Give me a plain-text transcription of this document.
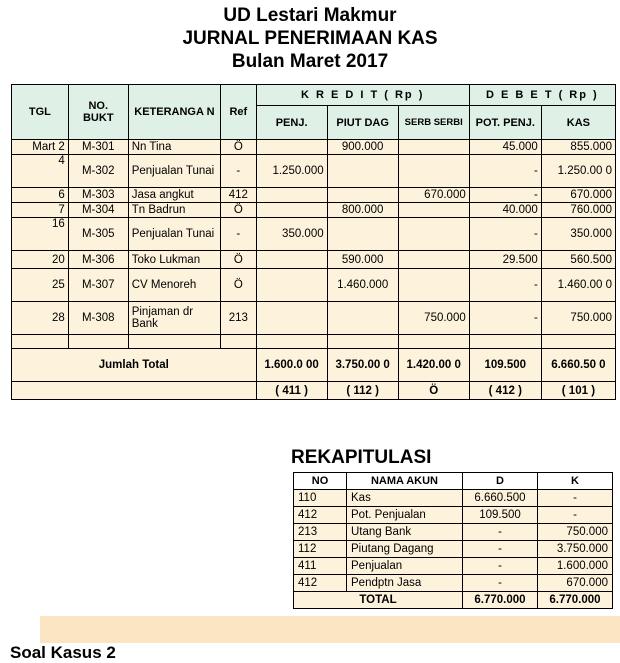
UD Lestari Makmur
JURNAL PENERIMAAN KAS
Bulan Maret 2017
TGL	NO. BUKT	KETERANGA N	Ref	K R E D I T ( Rp )			D E B E T ( Rp )	
				PENJ.	PIUT DAG	SERB SERBI	POT. PENJ.	KAS
Mart 2	M-301	Nn Tina	Ö		900.000		45.000	855.000
4	M-302	Penjualan Tunai	-	1.250.000			-	1.250.00 0
6	M-303	Jasa angkut	412			670.000	-	670.000
7	M-304	Tn Badrun	Ö		800.000		40.000	760.000
16	M-305	Penjualan Tunai	-	350.000			-	350.000
20	M-306	Toko Lukman	Ö		590.000		29.500	560.500
25	M-307	CV Menoreh	Ö		1.460.000		-	1.460.00 0
28	M-308	Pinjaman dr Bank	213			750.000	-	750.000

Jumlah Total				1.600.0 00	3.750.00 0	1.420.00 0	109.500	6.660.50 0
				( 411 )	( 112 )	Ö	( 412 )	( 101 )
REKAPITULASI
NO	NAMA AKUN	D	K
110	Kas	6.660.500	-
412	Pot. Penjualan	109.500	-
213	Utang Bank	-	750.000
112	Piutang Dagang	-	3.750.000
411	Penjualan	-	1.600.000
412	Pendptn Jasa	-	670.000
TOTAL		6.770.000	6.770.000
Soal Kasus 2
